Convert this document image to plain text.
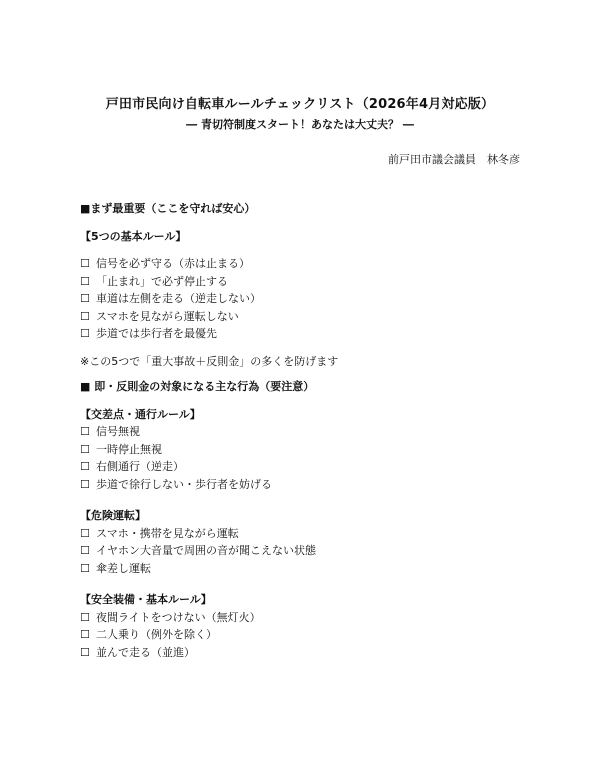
戸田市民向け自転車ルールチェックリスト（2026年4月対応版）
― 青切符制度スタート！あなたは大丈夫？ ―
前戸田市議会議員　林冬彦
■まず最重要（ここを守れば安心）
【5つの基本ルール】
☐ 信号を必ず守る（赤は止まる）
☐ 「止まれ」で必ず停止する
☐ 車道は左側を走る（逆走しない）
☐ スマホを見ながら運転しない
☐ 歩道では歩行者を最優先
※この5つで「重大事故＋反則金」の多くを防げます
■ 即・反則金の対象になる主な行為（要注意）
【交差点・通行ルール】
☐ 信号無視
☐ 一時停止無視
☐ 右側通行（逆走）
☐ 歩道で徐行しない・歩行者を妨げる
【危険運転】
☐ スマホ・携帯を見ながら運転
☐ イヤホン大音量で周囲の音が聞こえない状態
☐ 傘差し運転
【安全装備・基本ルール】
☐ 夜間ライトをつけない（無灯火）
☐ 二人乗り（例外を除く）
☐ 並んで走る（並進）
